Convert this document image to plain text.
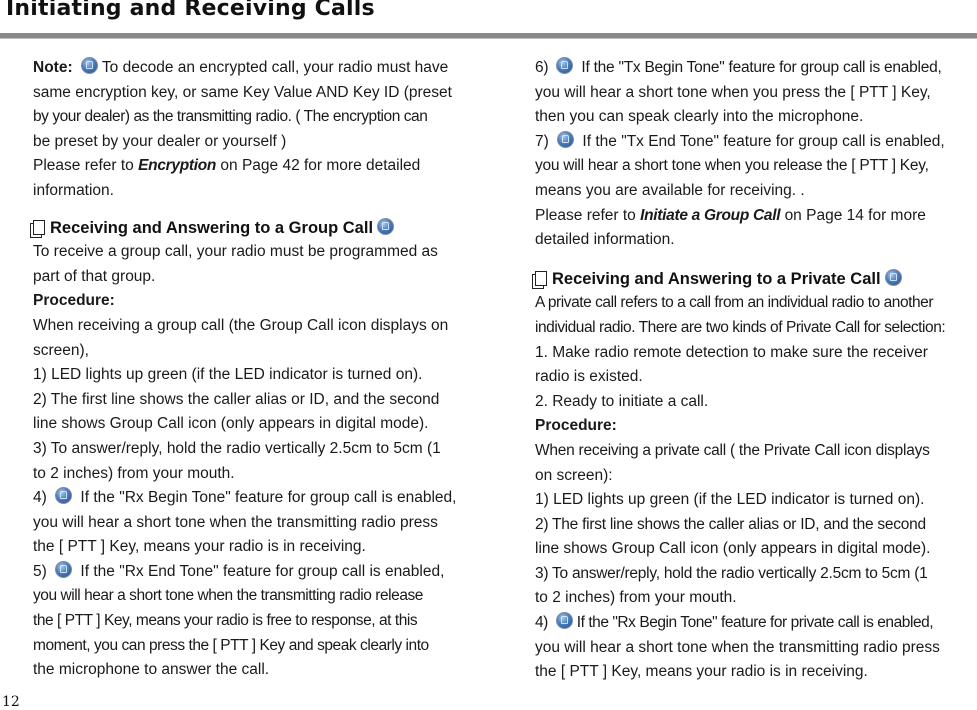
Initiating and Receiving Calls

Note: To decode an encrypted call, your radio must have

same encryption key, or same Key Value AND Key ID (preset

by your dealer) as the transmitting radio. ( The encryption can

be preset by your dealer or yourself )

Please refer to Encryption on Page 42 for more detailed

information.

Receiving and Answering to a Group Call

To receive a group call, your radio must be programmed as

part of that group.

Procedure:

When receiving a group call (the Group Call icon displays on

screen),

1) LED lights up green (if the LED indicator is turned on).

2) The first line shows the caller alias or ID, and the second

line shows Group Call icon (only appears in digital mode).

3) To answer/reply, hold the radio vertically 2.5cm to 5cm (1

to 2 inches) from your mouth.

4) If the "Rx Begin Tone" feature for group call is enabled,

you will hear a short tone when the transmitting radio press

the [ PTT ] Key, means your radio is in receiving.

5) If the "Rx End Tone" feature for group call is enabled,

you will hear a short tone when the transmitting radio release

the [ PTT ] Key, means your radio is free to response, at this

moment, you can press the [ PTT ] Key and speak clearly into

the microphone to answer the call.

6) If the "Tx Begin Tone" feature for group call is enabled,

you will hear a short tone when you press the [ PTT ] Key,

then you can speak clearly into the microphone.

7) If the "Tx End Tone" feature for group call is enabled,

you will hear a short tone when you release the [ PTT ] Key,

means you are available for receiving. .

Please refer to Initiate a Group Call on Page 14 for more

detailed information.

Receiving and Answering to a Private Call

A private call refers to a call from an individual radio to another

individual radio. There are two kinds of Private Call for selection:

1. Make radio remote detection to make sure the receiver

radio is existed.

2. Ready to initiate a call.

Procedure:

When receiving a private call ( the Private Call icon displays

on screen):

1) LED lights up green (if the LED indicator is turned on).

2) The first line shows the caller alias or ID, and the second

line shows Group Call icon (only appears in digital mode).

3) To answer/reply, hold the radio vertically 2.5cm to 5cm (1

to 2 inches) from your mouth.

4) If the "Rx Begin Tone" feature for private call is enabled,

you will hear a short tone when the transmitting radio press

the [ PTT ] Key, means your radio is in receiving.

12
